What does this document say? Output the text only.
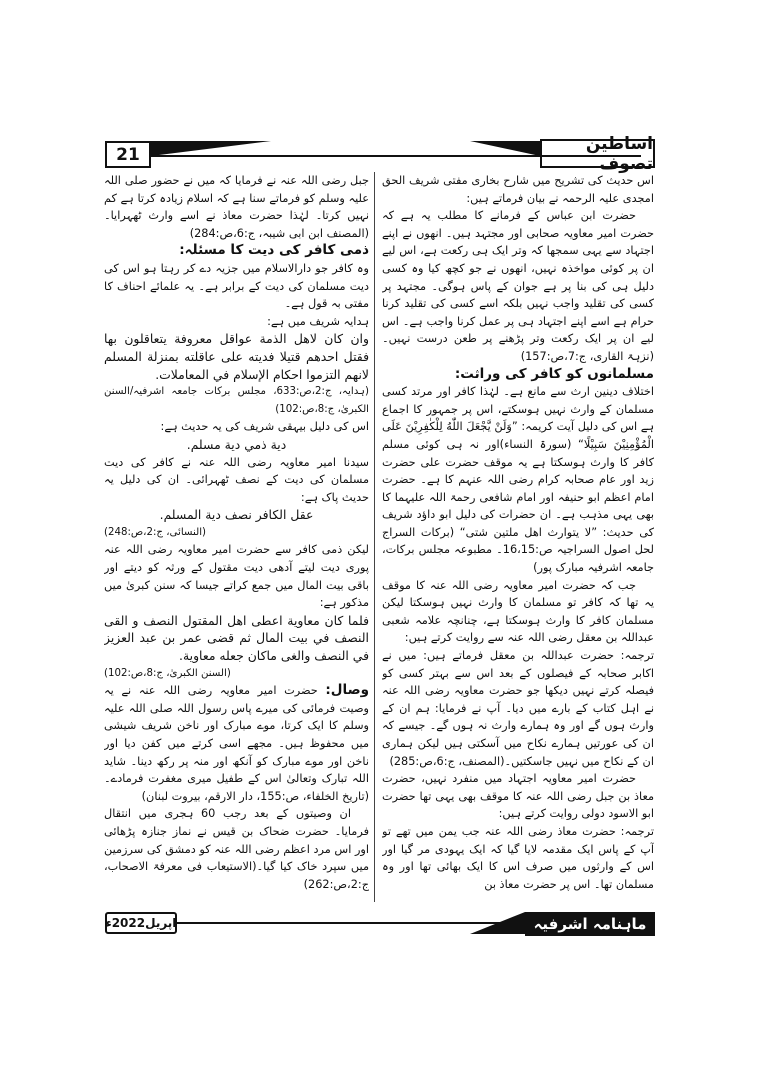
21
اساطین تصوف

اس حدیث کی تشریح میں شارح بخاری مفتی شریف الحق امجدی علیہ الرحمہ نے بیان فرماتے ہیں:

حضرت ابن عباس کے فرمانے کا مطلب یہ ہے کہ حضرت امیر معاویہ صحابی اور مجتہد ہیں۔ انھوں نے اپنے اجتہاد سے یہی سمجھا کہ وتر ایک ہی رکعت ہے، اس لیے ان پر کوئی مواخذہ نہیں، انھوں نے جو کچھ کیا وہ کسی دلیل ہی کی بنا پر ہے جوان کے پاس ہوگی۔ مجتہد پر کسی کی تقلید واجب نہیں بلکہ اسے کسی کی تقلید کرنا حرام ہے اسے اپنے اجتہاد ہی پر عمل کرنا واجب ہے۔ اس لیے ان پر ایک رکعت وتر پڑھنے پر طعن درست نہیں۔(نزہۃ القاری، ج:7،ص:157)

مسلمانوں کو کافر کی وراثت:

اختلاف دینین ارث سے مانع ہے۔ لہٰذا کافر اور مرتد کسی مسلمان کے وارث نہیں ہوسکتے، اس پر جمہور کا اجماع ہے اس کی دلیل آیت کریمہ: ”وَلَنْ يَّجْعَلَ اللّٰهُ لِلْكٰفِرِيْنَ عَلَى الْمُؤْمِنِيْنَ سَبِيْلًا“ (سورۃ النساء)اور نہ ہی کوئی مسلم کافر کا وارث ہوسکتا ہے یہ موقف حضرت علی حضرت زید اور عام صحابہ کرام رضی اللہ عنہم کا ہے۔ حضرت امام اعظم ابو حنیفہ اور امام شافعی رحمۃ اللہ علیہما کا بھی یہی مذہب ہے۔ ان حضرات کی دلیل ابو داؤد شریف کی حدیث: ”لا يتوارث اهل ملتين شتى“ (برکات السراج لحل اصول السراجیہ ص:16،15۔ مطبوعہ مجلس برکات، جامعہ اشرفیہ مبارک پور)

جب کہ حضرت امیر معاویہ رضی اللہ عنہ کا موقف یہ تھا کہ کافر تو مسلمان کا وارث نہیں ہوسکتا لیکن مسلمان کافر کا وارث ہوسکتا ہے، چنانچہ علامہ شعبی عبداللہ بن معقل رضی اللہ عنہ سے روایت کرتے ہیں:

ترجمہ: حضرت عبداللہ بن معقل فرماتے ہیں: میں نے اکابر صحابہ کے فیصلوں کے بعد اس سے بہتر کسی کو فیصلہ کرتے نہیں دیکھا جو حضرت معاویہ رضی اللہ عنہ نے اہل کتاب کے بارے میں دیا۔ آپ نے فرمایا: ہم ان کے وارث ہوں گے اور وہ ہمارے وارث نہ ہوں گے۔ جیسے کہ ان کی عورتیں ہمارے نکاح میں آسکتی ہیں لیکن ہماری ان کے نکاح میں نہیں جاسکتیں۔(المصنف، ج:6،ص:285)

حضرت امیر معاویہ اجتہاد میں منفرد نہیں، حضرت معاذ بن جبل رضی اللہ عنہ کا موقف بھی یہی تھا حضرت ابو الاسود دولی روایت کرتے ہیں:

ترجمہ: حضرت معاذ رضی اللہ عنہ جب یمن میں تھے تو آپ کے پاس ایک مقدمہ لایا گیا کہ ایک یہودی مر گیا اور اس کے وارثوں میں صرف اس کا ایک بھائی تھا اور وہ مسلمان تھا۔ اس پر حضرت معاذ بن

جبل رضی اللہ عنہ نے فرمایا کہ میں نے حضور صلی اللہ علیہ وسلم کو فرماتے سنا ہے کہ اسلام زیادہ کرتا ہے کم نہیں کرتا۔ لہٰذا حضرت معاذ نے اسے وارث ٹھہرایا۔(المصنف ابن ابی شیبہ، ج:6،ص:284)

ذمی کافر کی دیت کا مسئلہ:

وہ کافر جو دارالاسلام میں جزیہ دے کر رہتا ہو اس کی دیت مسلمان کی دیت کے برابر ہے۔ یہ علمائے احناف کا مفتی بہ قول ہے۔

ہدایہ شریف میں ہے:

وان كان لاهل الذمة عواقل معروفة يتعاقلون بها فقتل احدهم قتيلا فديته على عاقلته بمنزلة المسلم لانهم التزموا احكام الإسلام في المعاملات.

(ہدایہ، ج:2،ص:633، مجلس برکات جامعہ اشرفیہ/السنن الکبریٰ، ج:8،ص:102)

اس کی دلیل بیہقی شریف کی یہ حدیث ہے:

دية ذمي دية مسلم.

سیدنا امیر معاویہ رضی اللہ عنہ نے کافر کی دیت مسلمان کی دیت کے نصف ٹھہرائی۔ ان کی دلیل یہ حدیث پاک ہے:

عقل الكافر نصف دية المسلم.

(النسائی، ج:2،ص:248)

لیکن ذمی کافر سے حضرت امیر معاویہ رضی اللہ عنہ پوری دیت لیتے آدھی دیت مقتول کے ورثہ کو دیتے اور باقی بیت المال میں جمع کراتے جیسا کہ سنن کبریٰ میں مذکور ہے:

فلما كان معاوية اعطى اهل المقتول النصف و القى النصف في بيت المال ثم قضى عمر بن عبد العزيز في النصف والغى ماكان جعله معاوية.

(السنن الکبریٰ، ج:8،ص:102)

وصال: حضرت امیر معاویہ رضی اللہ عنہ نے یہ وصیت فرمائی کی میرے پاس رسول اللہ صلی اللہ علیہ وسلم کا ایک کرتا، موے مبارک اور ناخن شریف شیشی میں محفوظ ہیں۔ مجھے اسی کرتے میں کفن دیا اور ناخن اور موے مبارک کو آنکھ اور منہ پر رکھ دینا۔ شاید اللہ تبارک وتعالیٰ اس کے طفیل میری مغفرت فرمادے۔(تاریخ الخلفاء، ص:155، دار الارقم، بیروت لبنان)

ان وصیتوں کے بعد رجب 60 ہجری میں انتقال فرمایا۔ حضرت ضحاک بن قیس نے نماز جنازہ پڑھائی اور اس مرد اعظم رضی اللہ عنہ کو دمشق کی سرزمین میں سپرد خاک کیا گیا۔(الاستیعاب فی معرفۃ الاصحاب، ج:2،ص:262)

اپریل2022ء	ماہنامہ اشرفیہ
